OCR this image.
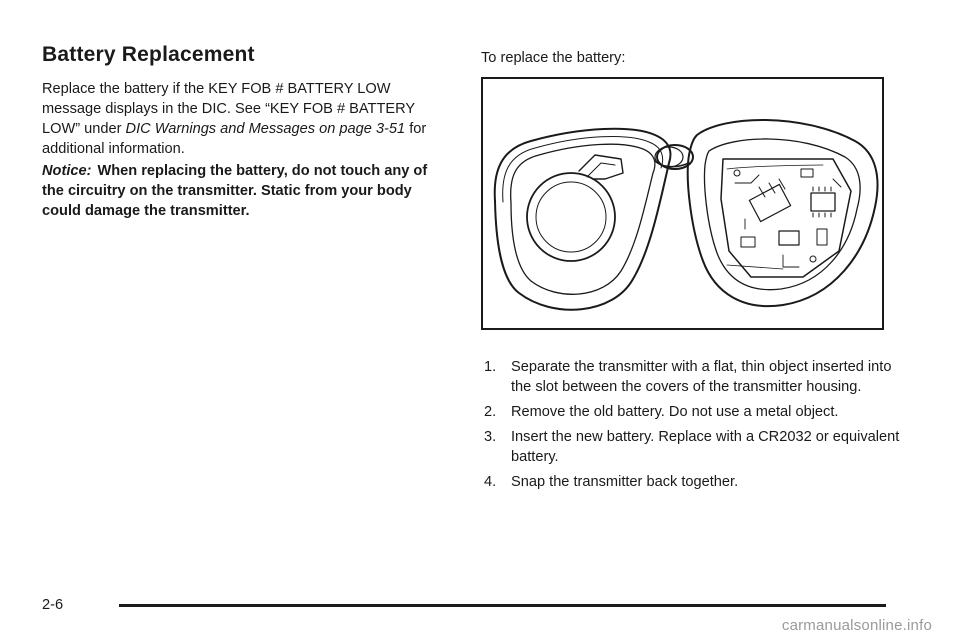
Battery Replacement

Replace the battery if the KEY FOB # BATTERY LOW message displays in the DIC. See “KEY FOB # BATTERY LOW” under DIC Warnings and Messages on page 3-51 for additional information.

Notice: When replacing the battery, do not touch any of the circuitry on the transmitter. Static from your body could damage the transmitter.

To replace the battery:

1. Separate the transmitter with a flat, thin object inserted into the slot between the covers of the transmitter housing.
2. Remove the old battery. Do not use a metal object.
3. Insert the new battery. Replace with a CR2032 or equivalent battery.
4. Snap the transmitter back together.
2-6
carmanualsonline.info
